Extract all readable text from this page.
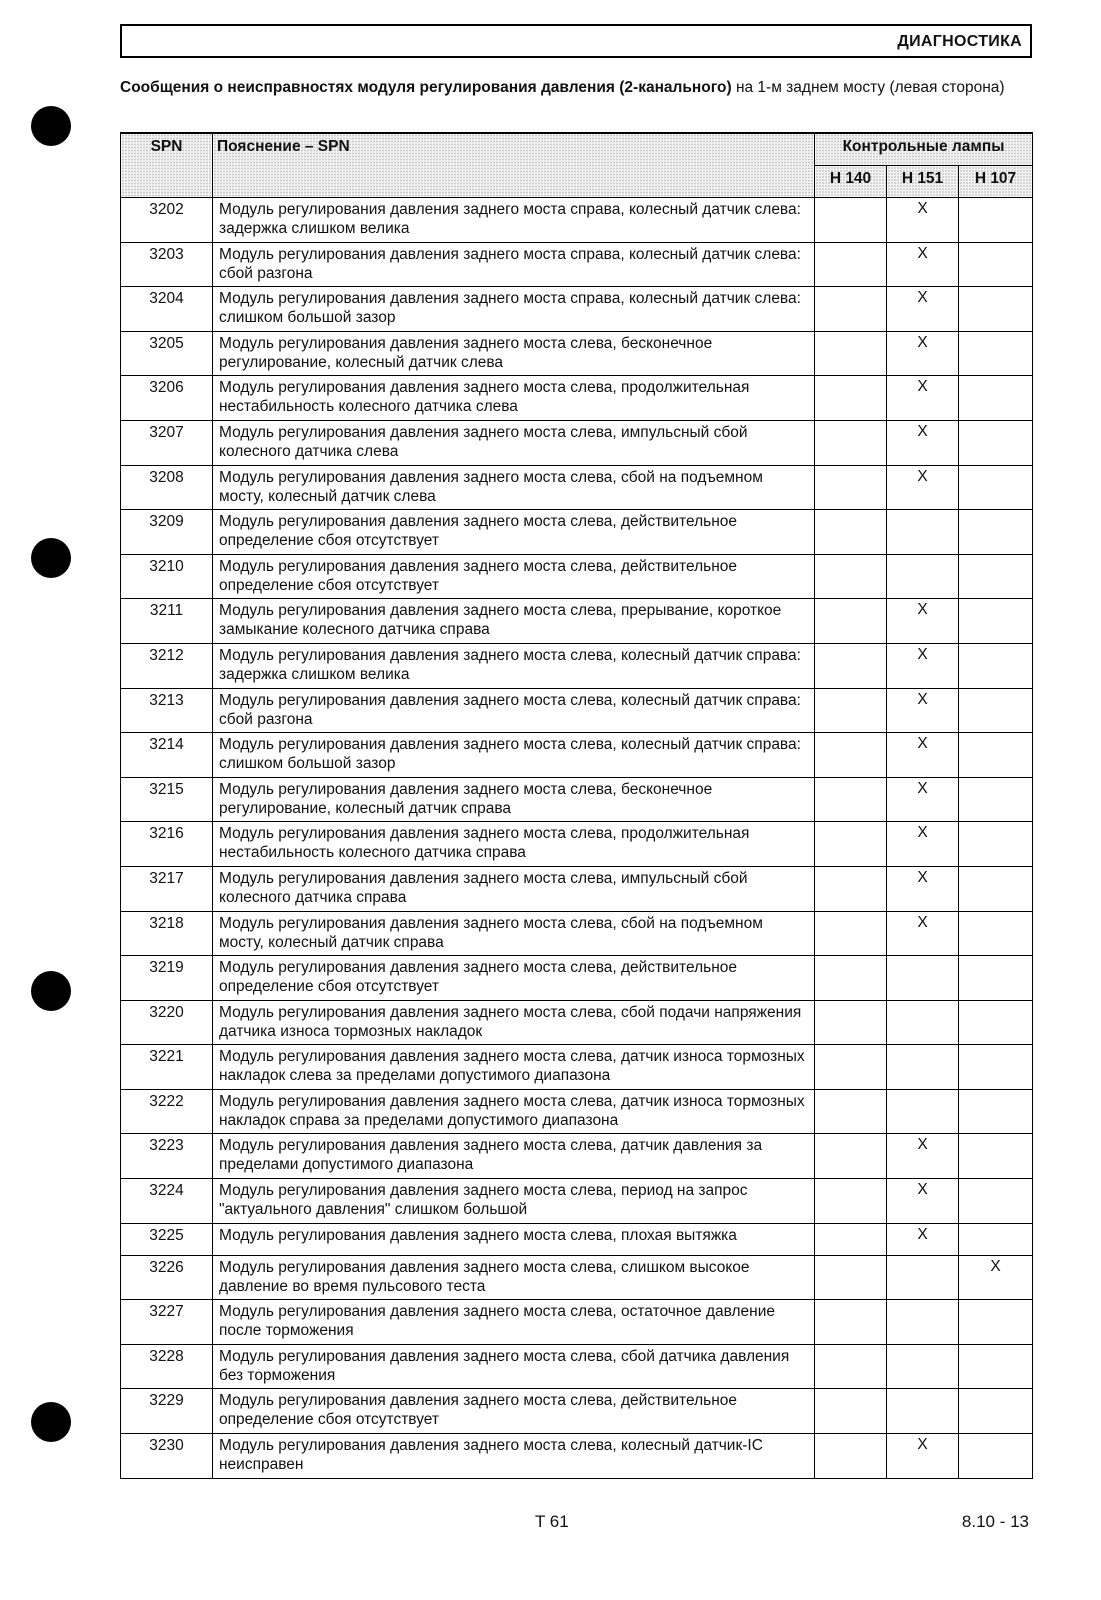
ДИАГНОСТИКА
Сообщения о неисправностях модуля регулирования давления (2-канального) на 1-м заднем мосту (левая сторона)
SPN	Пояснение – SPN	Контрольные лампы		
		H 140	H 151	H 107
3202	Модуль регулирования давления заднего моста справа, колесный датчик слева: задержка слишком велика		X	
3203	Модуль регулирования давления заднего моста справа, колесный датчик слева: сбой разгона		X	
3204	Модуль регулирования давления заднего моста справа, колесный датчик слева: слишком большой зазор		X	
3205	Модуль регулирования давления заднего моста слева, бесконечное регулирование, колесный датчик слева		X	
3206	Модуль регулирования давления заднего моста слева, продолжительная нестабильность колесного датчика слева		X	
3207	Модуль регулирования давления заднего моста слева, импульсный сбой колесного датчика слева		X	
3208	Модуль регулирования давления заднего моста слева, сбой на подъемном мосту, колесный датчик слева		X	
3209	Модуль регулирования давления заднего моста слева, действительное определение сбоя отсутствует			
3210	Модуль регулирования давления заднего моста слева, действительное определение сбоя отсутствует			
3211	Модуль регулирования давления заднего моста слева, прерывание, короткое замыкание колесного датчика справа		X	
3212	Модуль регулирования давления заднего моста слева, колесный датчик справа: задержка слишком велика		X	
3213	Модуль регулирования давления заднего моста слева, колесный датчик справа: сбой разгона		X	
3214	Модуль регулирования давления заднего моста слева, колесный датчик справа: слишком большой зазор		X	
3215	Модуль регулирования давления заднего моста слева, бесконечное регулирование, колесный датчик справа		X	
3216	Модуль регулирования давления заднего моста слева, продолжительная нестабильность колесного датчика справа		X	
3217	Модуль регулирования давления заднего моста слева, импульсный сбой колесного датчика справа		X	
3218	Модуль регулирования давления заднего моста слева, сбой на подъемном мосту, колесный датчик справа		X	
3219	Модуль регулирования давления заднего моста слева, действительное определение сбоя отсутствует			
3220	Модуль регулирования давления заднего моста слева, сбой подачи напряжения датчика износа тормозных накладок			
3221	Модуль регулирования давления заднего моста слева, датчик износа тормозных накладок слева за пределами допустимого диапазона			
3222	Модуль регулирования давления заднего моста слева, датчик износа тормозных накладок справа за пределами допустимого диапазона			
3223	Модуль регулирования давления заднего моста слева, датчик давления за пределами допустимого диапазона		X	
3224	Модуль регулирования давления заднего моста слева, период на запрос "актуального давления" слишком большой		X	
3225	Модуль регулирования давления заднего моста слева, плохая вытяжка		X	
3226	Модуль регулирования давления заднего моста слева, слишком высокое давление во время пульсового теста			X
3227	Модуль регулирования давления заднего моста слева, остаточное давление после торможения			
3228	Модуль регулирования давления заднего моста слева, сбой датчика давления без торможения			
3229	Модуль регулирования давления заднего моста слева, действительное определение сбоя отсутствует			
3230	Модуль регулирования давления заднего моста слева, колесный датчик-IC неисправен		X	
T 61	8.10 - 13
